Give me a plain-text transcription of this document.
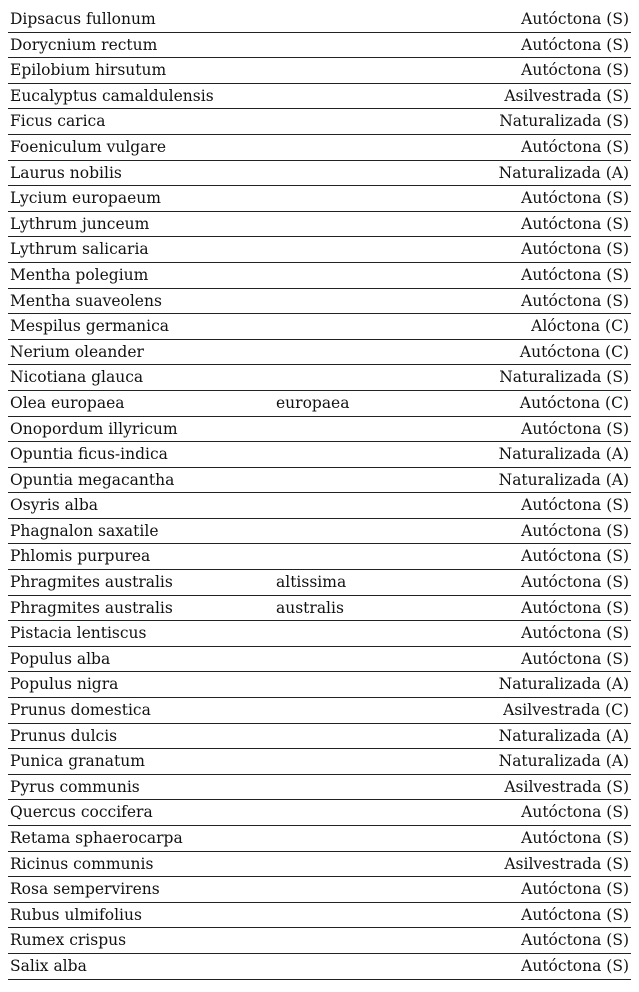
Dipsacus fullonum		Autóctona (S)
Dorycnium rectum		Autóctona (S)
Epilobium hirsutum		Autóctona (S)
Eucalyptus camaldulensis		Asilvestrada (S)
Ficus carica		Naturalizada (S)
Foeniculum vulgare		Autóctona (S)
Laurus nobilis		Naturalizada (A)
Lycium europaeum		Autóctona (S)
Lythrum junceum		Autóctona (S)
Lythrum salicaria		Autóctona (S)
Mentha polegium		Autóctona (S)
Mentha suaveolens		Autóctona (S)
Mespilus germanica		Alóctona (C)
Nerium oleander		Autóctona (C)
Nicotiana glauca		Naturalizada (S)
Olea europaea	europaea	Autóctona (C)
Onopordum illyricum		Autóctona (S)
Opuntia ficus-indica		Naturalizada (A)
Opuntia megacantha		Naturalizada (A)
Osyris alba		Autóctona (S)
Phagnalon saxatile		Autóctona (S)
Phlomis purpurea		Autóctona (S)
Phragmites australis	altissima	Autóctona (S)
Phragmites australis	australis	Autóctona (S)
Pistacia lentiscus		Autóctona (S)
Populus alba		Autóctona (S)
Populus nigra		Naturalizada (A)
Prunus domestica		Asilvestrada (C)
Prunus dulcis		Naturalizada (A)
Punica granatum		Naturalizada (A)
Pyrus communis		Asilvestrada (S)
Quercus coccifera		Autóctona (S)
Retama sphaerocarpa		Autóctona (S)
Ricinus communis		Asilvestrada (S)
Rosa sempervirens		Autóctona (S)
Rubus ulmifolius		Autóctona (S)
Rumex crispus		Autóctona (S)
Salix alba		Autóctona (S)
